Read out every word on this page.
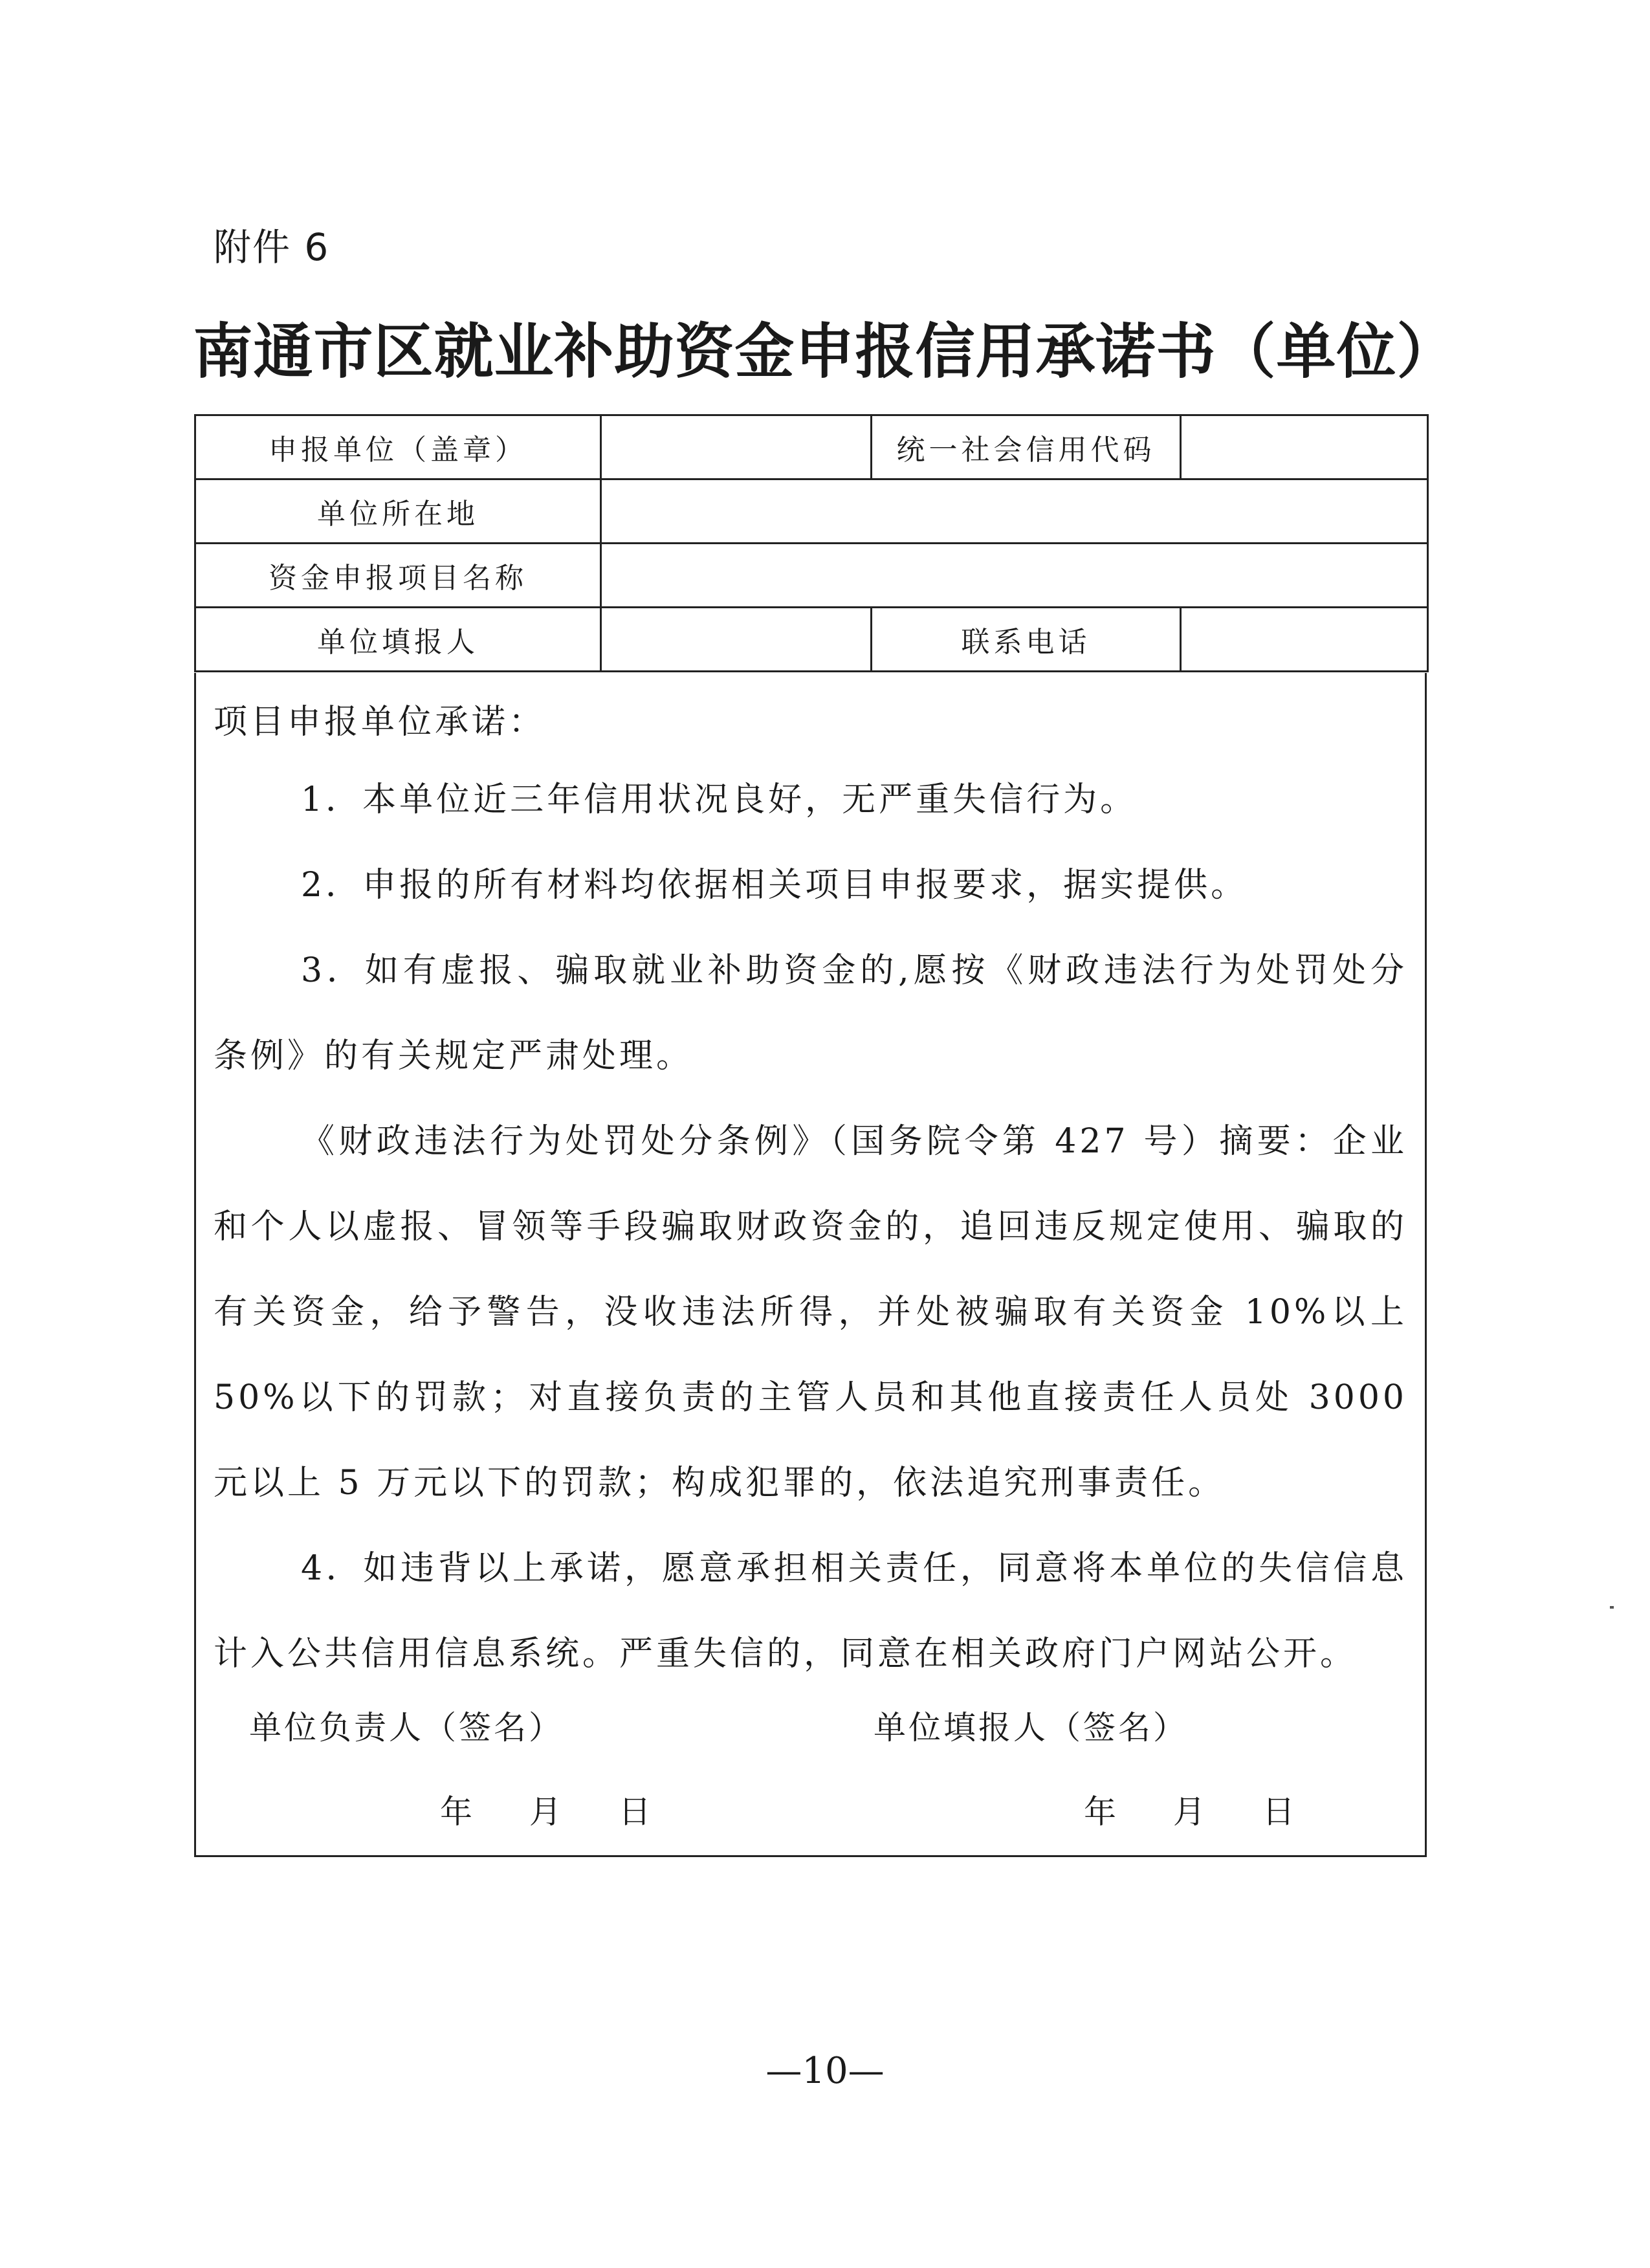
附件 6
南通市区就业补助资金申报信用承诺书（单位）
申报单位（盖章）		统一社会信用代码	
单位所在地			
资金申报项目名称			
单位填报人		联系电话	
项目申报单位承诺：

1．本单位近三年信用状况良好，无严重失信行为。

2．申报的所有材料均依据相关项目申报要求，据实提供。

3．如有虚报、骗取就业补助资金的,愿按《财政违法行为处罚处分条例》的有关规定严肃处理。

《财政违法行为处罚处分条例》（国务院令第 427 号）摘要：企业和个人以虚报、冒领等手段骗取财政资金的，追回违反规定使用、骗取的有关资金，给予警告，没收违法所得，并处被骗取有关资金 10%以上 50%以下的罚款；对直接负责的主管人员和其他直接责任人员处 3000 元以上 5 万元以下的罚款；构成犯罪的，依法追究刑事责任。

4．如违背以上承诺，愿意承担相关责任，同意将本单位的失信信息计入公共信用信息系统。严重失信的，同意在相关政府门户网站公开。

单位负责人（签名）	单位填报人（签名）
年 月 日	年 月 日
—10—
